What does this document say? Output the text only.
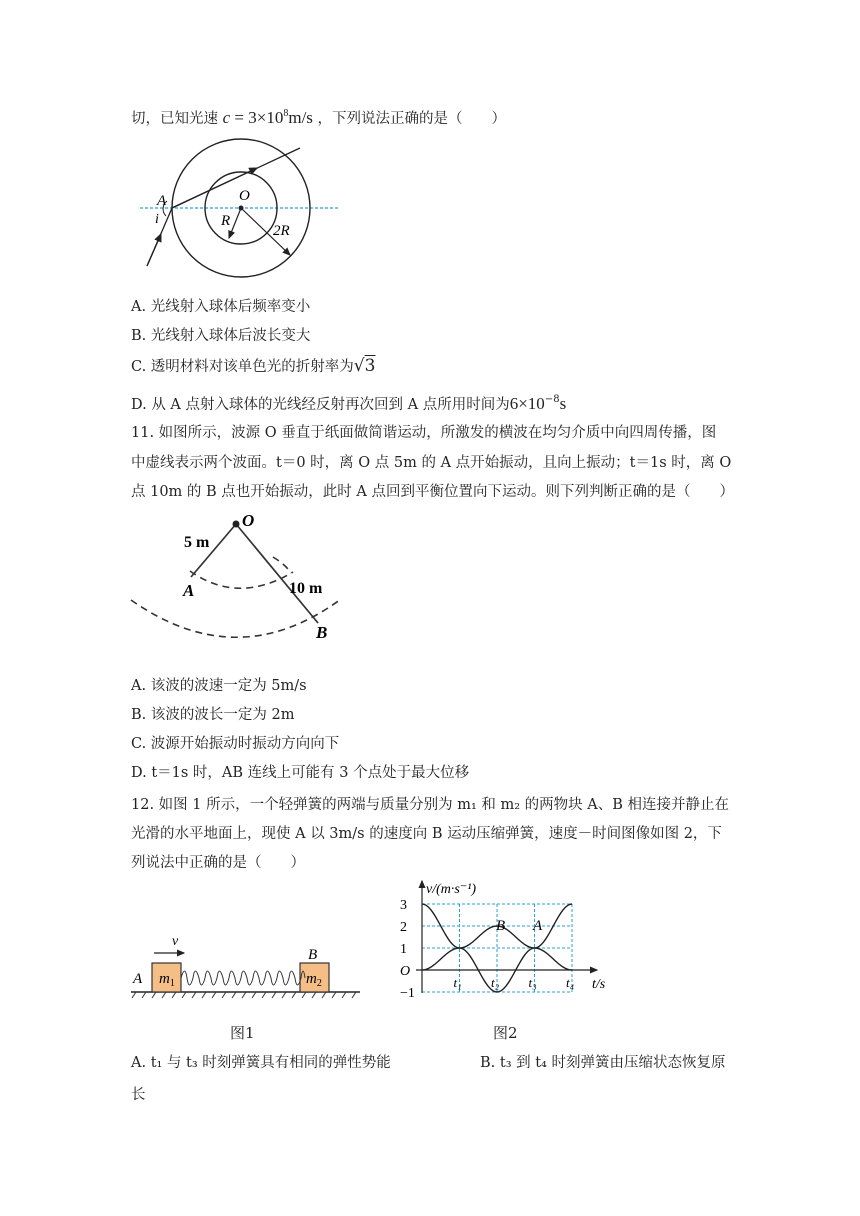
切，已知光速 $c = 3\times 10^8m/s$ ，下列说法正确的是（　　）
A
i
O
R
2R
A. 光线射入球体后频率变小
B. 光线射入球体后波长变大
C. 透明材料对该单色光的折射率为√3
D. 从 A 点射入球体的光线经反射再次回到 A 点所用时间为$6\times 10^{-8}s$
11. 如图所示，波源 O 垂直于纸面做简谐运动，所激发的横波在均匀介质中向四周传播，图
中虚线表示两个波面。t＝0 时，离 O 点 5m 的 A 点开始振动，且向上振动；t＝1s 时，离 O
点 10m 的 B 点也开始振动，此时 A 点回到平衡位置向下运动。则下列判断正确的是（　　）
O
5 m
A	10 m
B
A. 该波的波速一定为 5m/s
B. 该波的波长一定为 2m
C. 波源开始振动时振动方向向下
D. t＝1s 时，AB 连线上可能有 3 个点处于最大位移
12. 如图 1 所示，一个轻弹簧的两端与质量分别为 m₁ 和 m₂ 的两物块 A、B 相连接并静止在
光滑的水平地面上，现使 A 以 3m/s 的速度向 B 运动压缩弹簧，速度－时间图像如图 2，下
列说法中正确的是（　　）
v
A
B
$m_1$	$m_2$
图1
v/(m·s⁻¹)
t/s
3
2
1
O
−1
t₁ t₂ t₃ t₄
B A
图2
A. t₁ 与 t₃ 时刻弹簧具有相同的弹性势能	B. t₃ 到 t₄ 时刻弹簧由压缩状态恢复原
长
